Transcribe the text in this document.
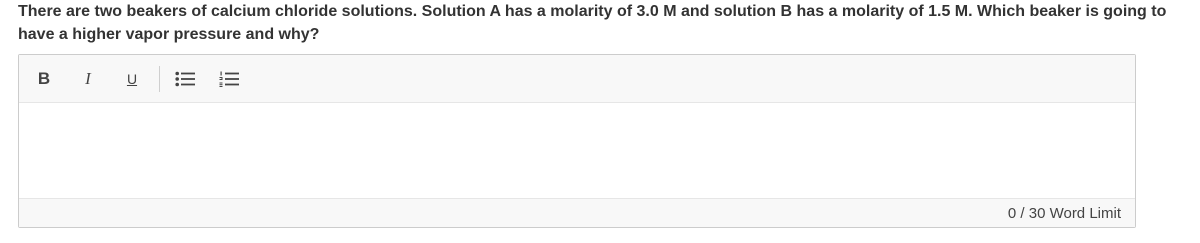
There are two beakers of calcium chloride solutions. Solution A has a molarity of 3.0 M and solution B has a molarity of 1.5 M. Which beaker is going to have a higher vapor pressure and why?
B I	U
0 / 30 Word Limit
